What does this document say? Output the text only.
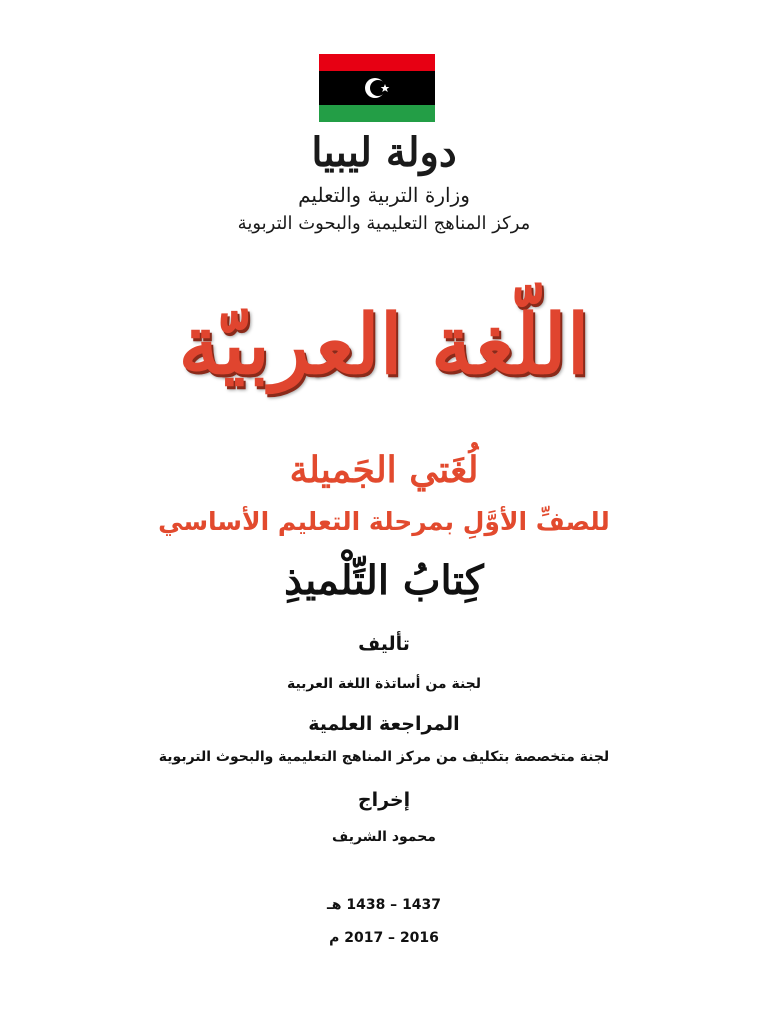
دولة ليبيا
وزارة التربية والتعليم
مركز المناهج التعليمية والبحوث التربوية
اللّغة العربيّة
لُغَتي الجَميلة
للصفِّ الأوَّلِ بمرحلة التعليم الأساسي
كِتابُ التِّلْميذِ
تأليف
لجنة من أساتذة اللغة العربية
المراجعة العلمية
لجنة متخصصة بتكليف من مركز المناهج التعليمية والبحوث التربوية
إخراج
محمود الشريف
1437 – 1438 هـ
2016 – 2017 م
